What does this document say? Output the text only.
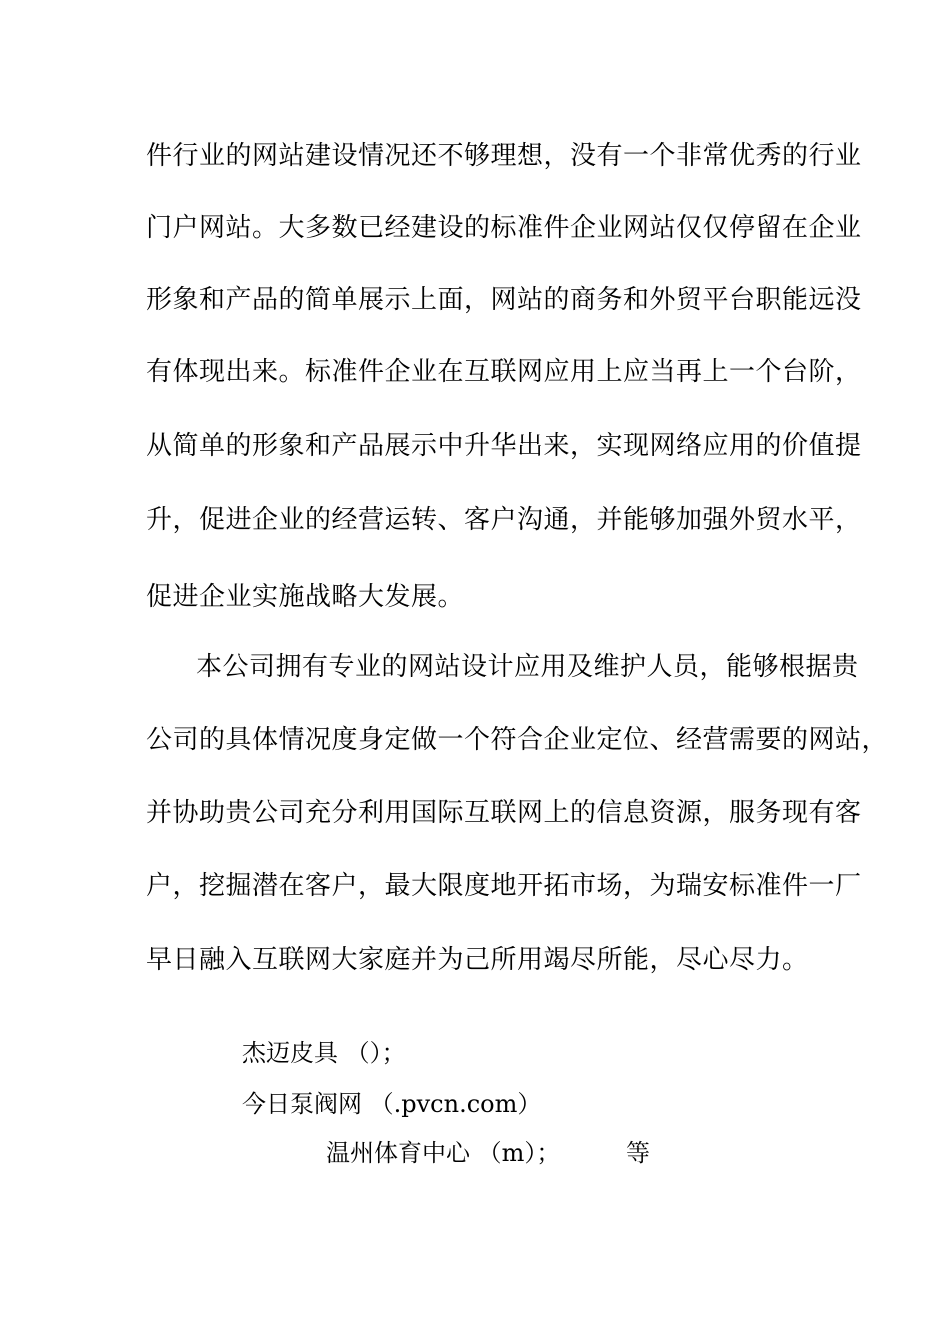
件行业的网站建设情况还不够理想，没有一个非常优秀的行业
门户网站。大多数已经建设的标准件企业网站仅仅停留在企业
形象和产品的简单展示上面，网站的商务和外贸平台职能远没
有体现出来。标准件企业在互联网应用上应当再上一个台阶，
从简单的形象和产品展示中升华出来，实现网络应用的价值提
升，促进企业的经营运转、客户沟通，并能够加强外贸水平，
促进企业实施战略大发展。
本公司拥有专业的网站设计应用及维护人员，能够根据贵
公司的具体情况度身定做一个符合企业定位、经营需要的网站，
并协助贵公司充分利用国际互联网上的信息资源，服务现有客
户，挖掘潜在客户，最大限度地开拓市场，为瑞安标准件一厂
早日融入互联网大家庭并为己所用竭尽所能，尽心尽力。
杰迈皮具 （）；
今日泵阀网 （.pvcn.com）
温州体育中心 （m）；	等
